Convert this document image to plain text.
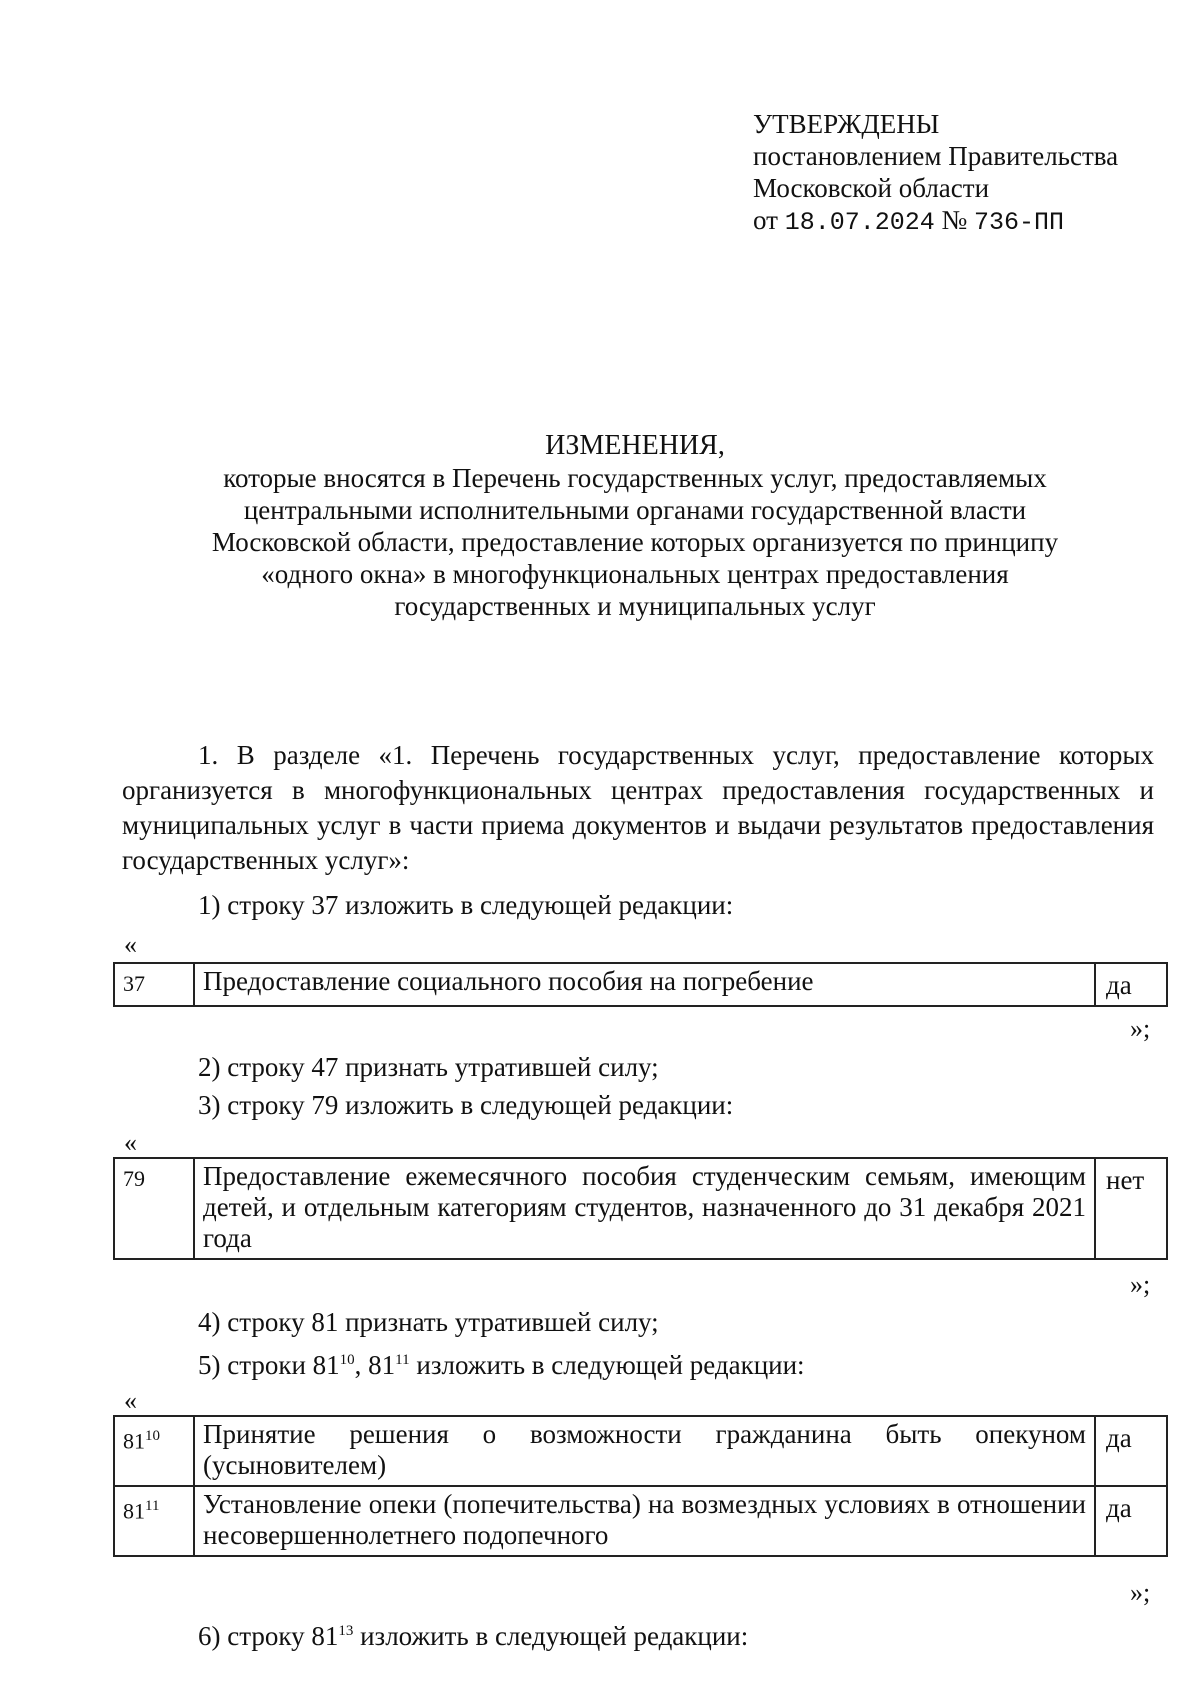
УТВЕРЖДЕНЫ
постановлением Правительства
Московской области
от 18.07.2024 № 736-ПП
ИЗМЕНЕНИЯ,
которые вносятся в Перечень государственных услуг, предоставляемых
центральными исполнительными органами государственной власти
Московской области, предоставление которых организуется по принципу
«одного окна» в многофункциональных центрах предоставления
государственных и муниципальных услуг
1. В разделе «1. Перечень государственных услуг, предоставление которых организуется в многофункциональных центрах предоставления государственных и муниципальных услуг в части приема документов и выдачи результатов предоставления государственных услуг»:
1) строку 37 изложить в следующей редакции:
«
37	Предоставление социального пособия на погребение	да
»;
2) строку 47 признать утратившей силу;
3) строку 79 изложить в следующей редакции:
«
79	Предоставление ежемесячного пособия студенческим семьям, имеющим детей, и отдельным категориям студентов, назначенного до 31 декабря 2021 года	нет
»;
4) строку 81 признать утратившей силу;
5) строки $81^{10}$, $81^{11}$ изложить в следующей редакции:
«
$81^{10}$	Принятие решения о возможности гражданина быть опекуном (усыновителем)	да
$81^{11}$	Установление опеки (попечительства) на возмездных условиях в отношении несовершеннолетнего подопечного	да
»;
6) строку $81^{13}$ изложить в следующей редакции:
